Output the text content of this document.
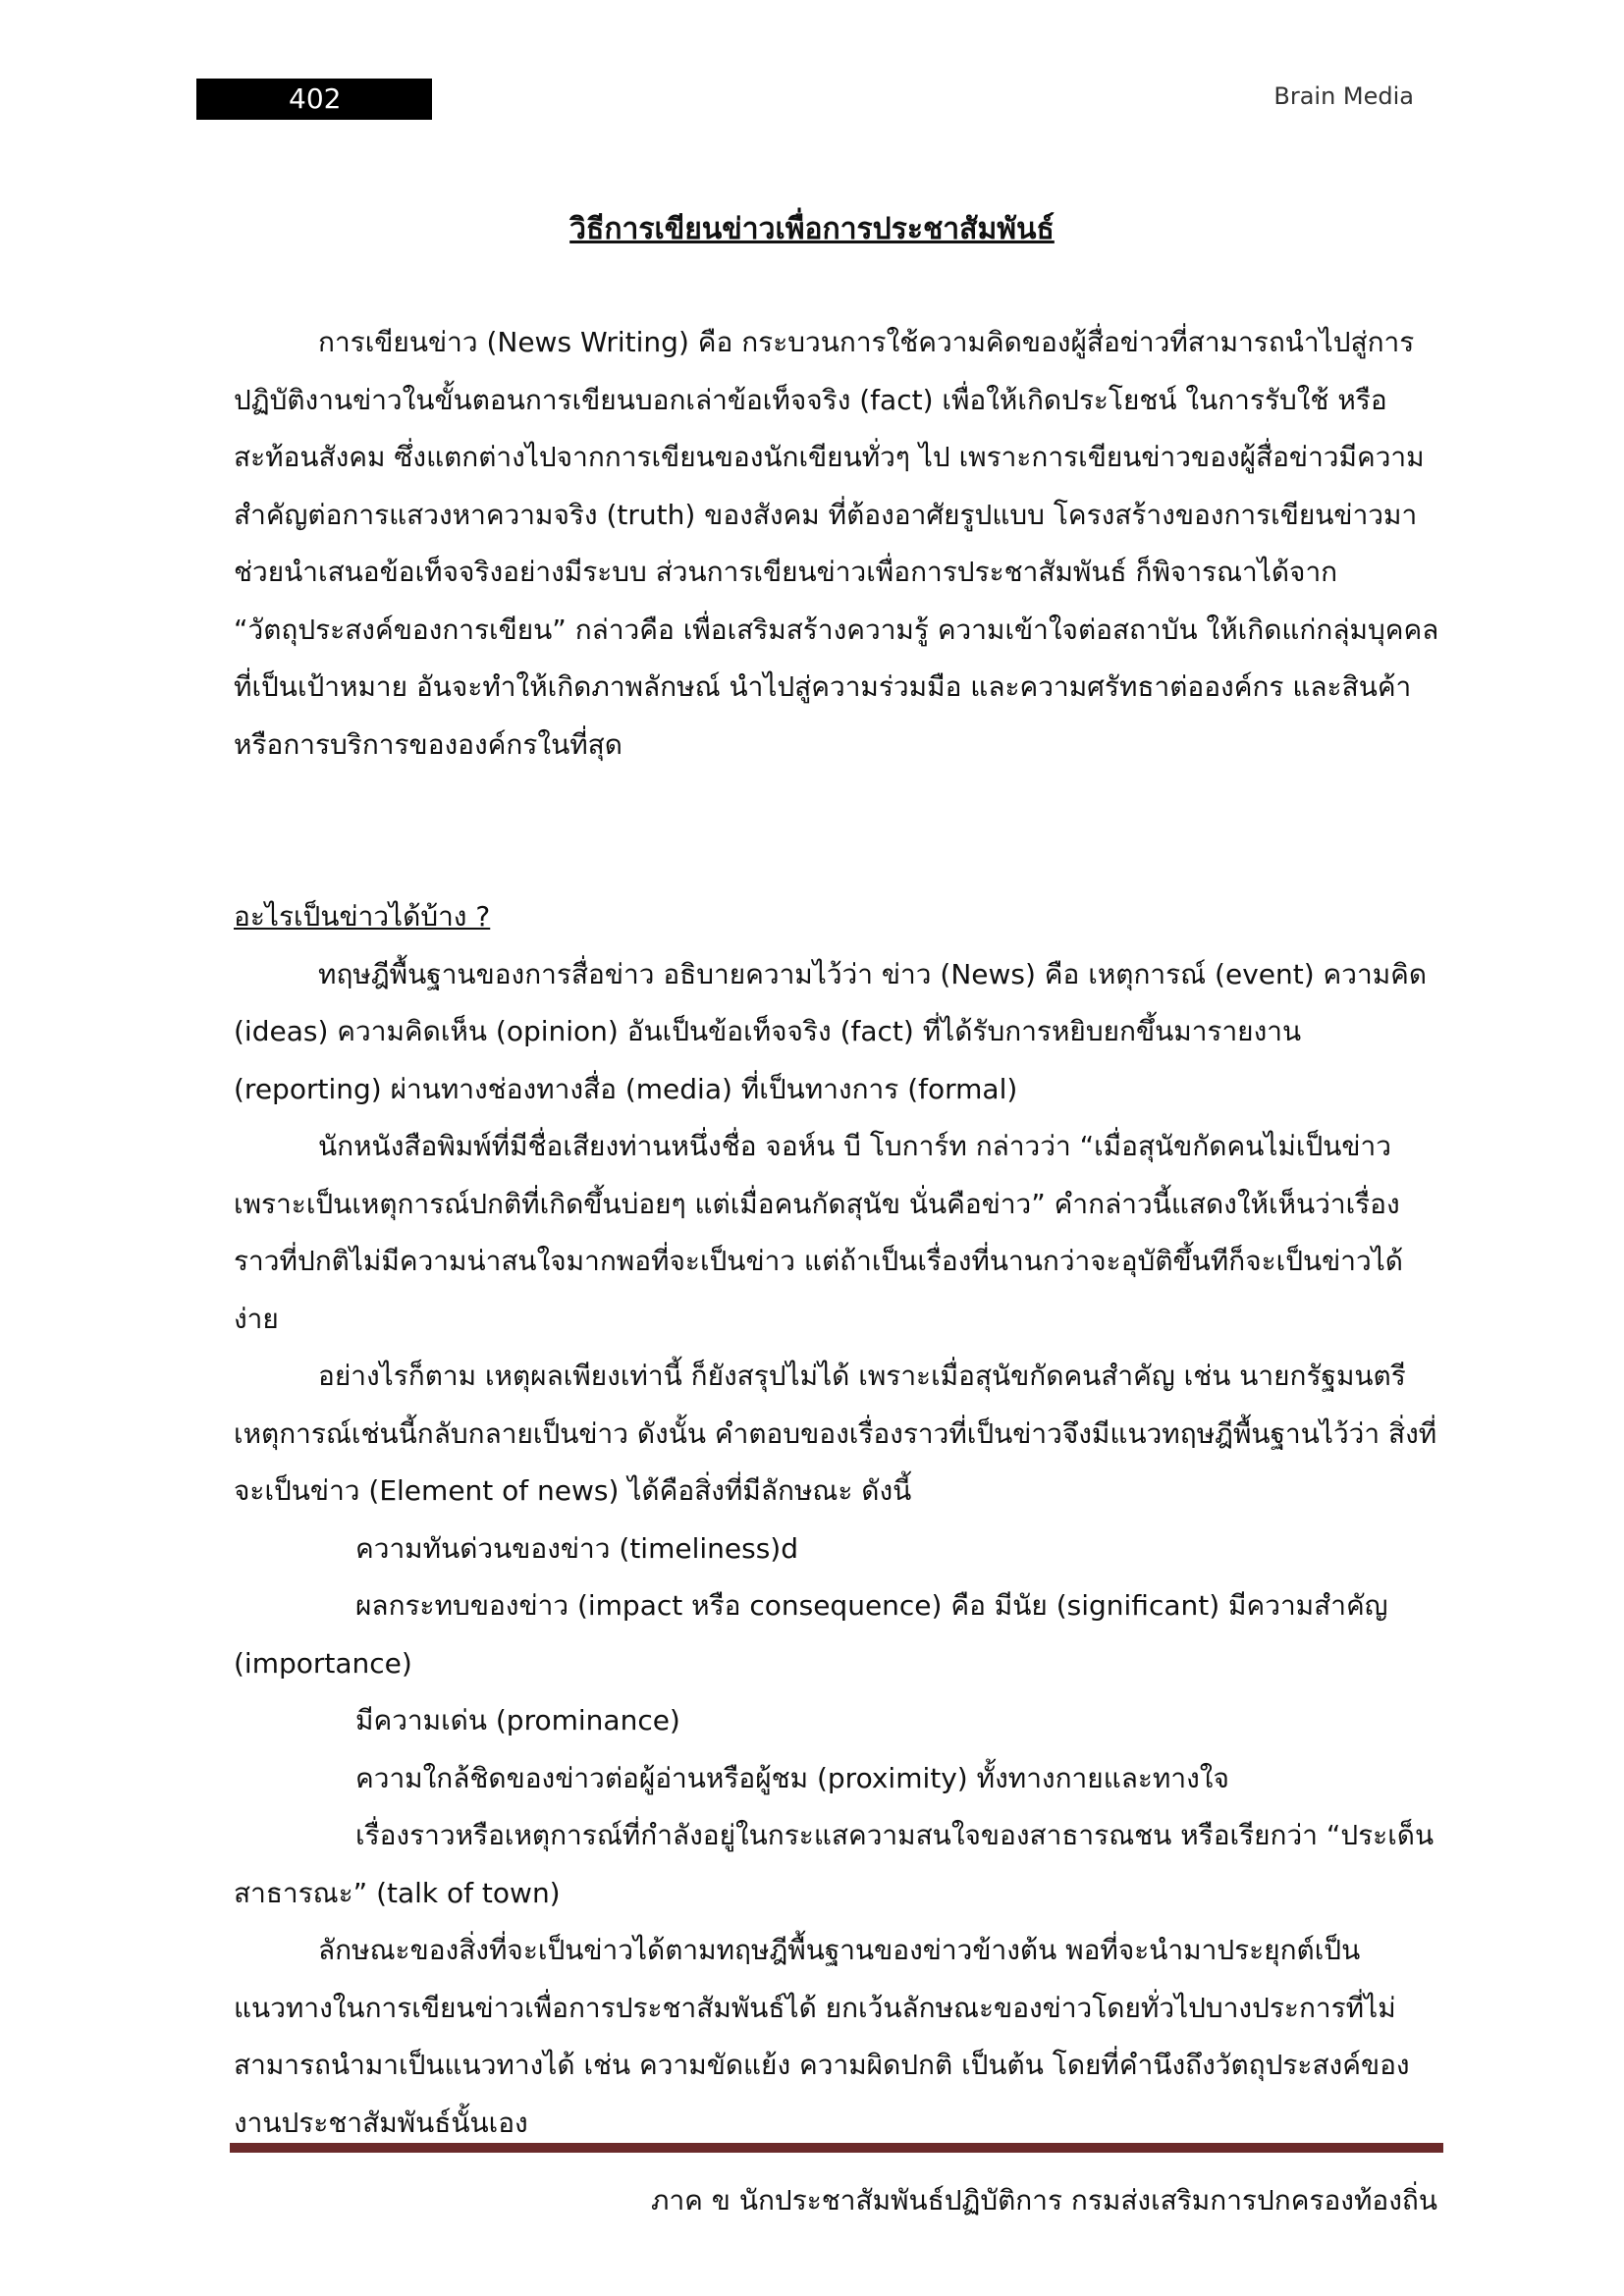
402	Brain Media
วิธีการเขียนข่าวเพื่อการประชาสัมพันธ์

การเขียนข่าว (News Writing) คือ กระบวนการใช้ความคิดของผู้สื่อข่าวที่สามารถนำไปสู่การปฏิบัติงานข่าวในขั้นตอนการเขียนบอกเล่าข้อเท็จจริง (fact) เพื่อให้เกิดประโยชน์ ในการรับใช้ หรือสะท้อนสังคม ซึ่งแตกต่างไปจากการเขียนของนักเขียนทั่วๆ ไป เพราะการเขียนข่าวของผู้สื่อข่าวมีความสำคัญต่อการแสวงหาความจริง (truth) ของสังคม ที่ต้องอาศัยรูปแบบ โครงสร้างของการเขียนข่าวมาช่วยนำเสนอข้อเท็จจริงอย่างมีระบบ ส่วนการเขียนข่าวเพื่อการประชาสัมพันธ์ ก็พิจารณาได้จาก “วัตถุประสงค์ของการเขียน” กล่าวคือ เพื่อเสริมสร้างความรู้ ความเข้าใจต่อสถาบัน ให้เกิดแก่กลุ่มบุคคลที่เป็นเป้าหมาย อันจะทำให้เกิดภาพลักษณ์ นำไปสู่ความร่วมมือ และความศรัทธาต่อองค์กร และสินค้า หรือการบริการขององค์กรในที่สุด

อะไรเป็นข่าวได้บ้าง ?

ทฤษฎีพื้นฐานของการสื่อข่าว อธิบายความไว้ว่า ข่าว (News) คือ เหตุการณ์ (event) ความคิด (ideas) ความคิดเห็น (opinion) อันเป็นข้อเท็จจริง (fact) ที่ได้รับการหยิบยกขึ้นมารายงาน (reporting) ผ่านทางช่องทางสื่อ (media) ที่เป็นทางการ (formal)

นักหนังสือพิมพ์ที่มีชื่อเสียงท่านหนึ่งชื่อ จอห์น บี โบการ์ท กล่าวว่า “เมื่อสุนัขกัดคนไม่เป็นข่าว เพราะเป็นเหตุการณ์ปกติที่เกิดขึ้นบ่อยๆ แต่เมื่อคนกัดสุนัข นั่นคือข่าว” คำกล่าวนี้แสดงให้เห็นว่าเรื่องราวที่ปกติไม่มีความน่าสนใจมากพอที่จะเป็นข่าว แต่ถ้าเป็นเรื่องที่นานกว่าจะอุบัติขึ้นทีก็จะเป็นข่าวได้ง่าย

อย่างไรก็ตาม เหตุผลเพียงเท่านี้ ก็ยังสรุปไม่ได้ เพราะเมื่อสุนัขกัดคนสำคัญ เช่น นายกรัฐมนตรี เหตุการณ์เช่นนี้กลับกลายเป็นข่าว ดังนั้น คำตอบของเรื่องราวที่เป็นข่าวจึงมีแนวทฤษฎีพื้นฐานไว้ว่า สิ่งที่จะเป็นข่าว (Element of news) ได้คือสิ่งที่มีลักษณะ ดังนี้

ความทันด่วนของข่าว (timeliness)d

ผลกระทบของข่าว (impact หรือ consequence) คือ มีนัย (significant) มีความสำคัญ

(importance)

มีความเด่น (prominance)

ความใกล้ชิดของข่าวต่อผู้อ่านหรือผู้ชม (proximity) ทั้งทางกายและทางใจ

เรื่องราวหรือเหตุการณ์ที่กำลังอยู่ในกระแสความสนใจของสาธารณชน หรือเรียกว่า “ประเด็น

สาธารณะ” (talk of town)

ลักษณะของสิ่งที่จะเป็นข่าวได้ตามทฤษฎีพื้นฐานของข่าวข้างต้น พอที่จะนำมาประยุกต์เป็นแนวทางในการเขียนข่าวเพื่อการประชาสัมพันธ์ได้ ยกเว้นลักษณะของข่าวโดยทั่วไปบางประการที่ไม่สามารถนำมาเป็นแนวทางได้ เช่น ความขัดแย้ง ความผิดปกติ เป็นต้น โดยที่คำนึงถึงวัตถุประสงค์ของงานประชาสัมพันธ์นั้นเอง

ภาค ข นักประชาสัมพันธ์ปฏิบัติการ กรมส่งเสริมการปกครองท้องถิ่น
